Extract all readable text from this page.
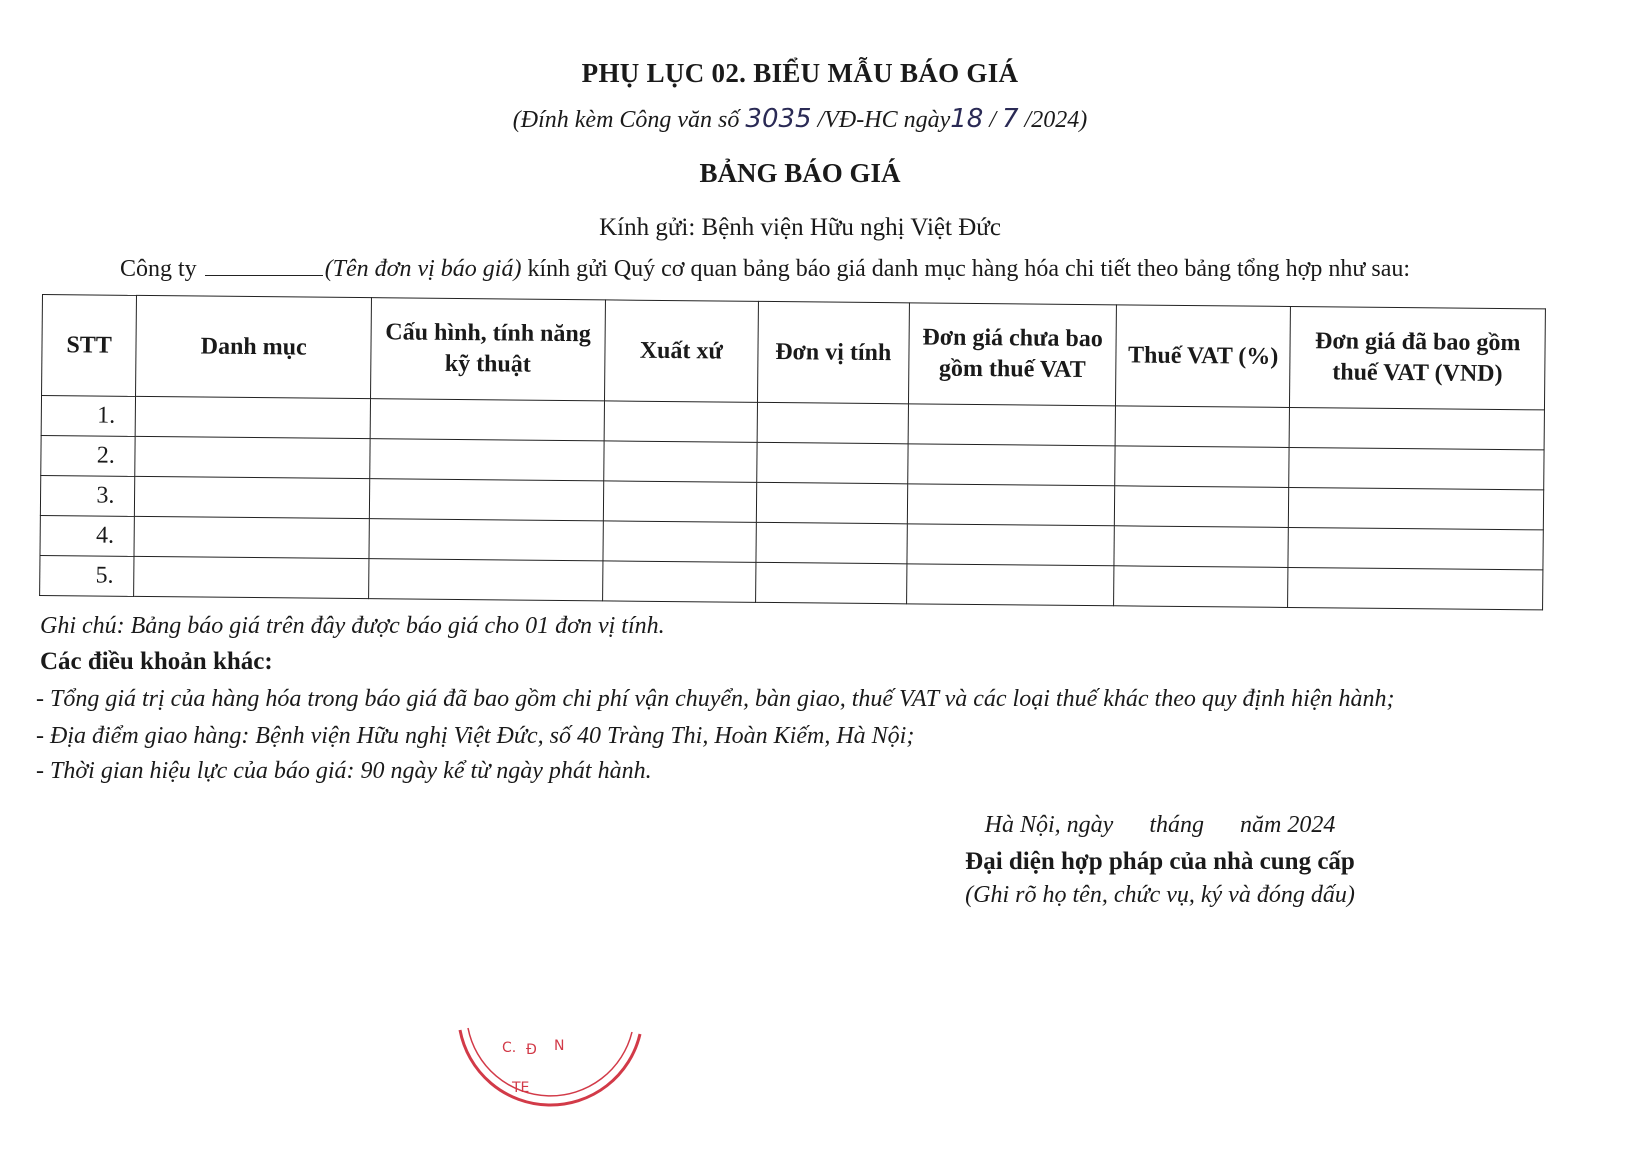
PHỤ LỤC 02. BIỂU MẪU BÁO GIÁ
(Đính kèm Công văn số 3035 /VĐ-HC ngày18 / 7 /2024)
BẢNG BÁO GIÁ
Kính gửi: Bệnh viện Hữu nghị Việt Đức
Công ty	(Tên đơn vị báo giá) kính gửi Quý cơ quan bảng báo giá danh mục hàng hóa chi tiết theo bảng tổng hợp như sau:
STT	Danh mục	Cấu hình, tính năng kỹ thuật	Xuất xứ	Đơn vị tính	Đơn giá chưa bao gồm thuế VAT	Thuế VAT (%)	Đơn giá đã bao gồm thuế VAT (VND)
1.							
2.							
3.							
4.							
5.							
Ghi chú: Bảng báo giá trên đây được báo giá cho 01 đơn vị tính.
Các điều khoản khác:
- Tổng giá trị của hàng hóa trong báo giá đã bao gồm chi phí vận chuyển, bàn giao, thuế VAT và các loại thuế khác theo quy định hiện hành;
- Địa điểm giao hàng: Bệnh viện Hữu nghị Việt Đức, số 40 Tràng Thi, Hoàn Kiếm, Hà Nội;
- Thời gian hiệu lực của báo giá: 90 ngày kể từ ngày phát hành.
Hà Nội, ngày      tháng      năm 2024
Đại diện hợp pháp của nhà cung cấp
(Ghi rõ họ tên, chức vụ, ký và đóng dấu)
C. Đ N
TE
